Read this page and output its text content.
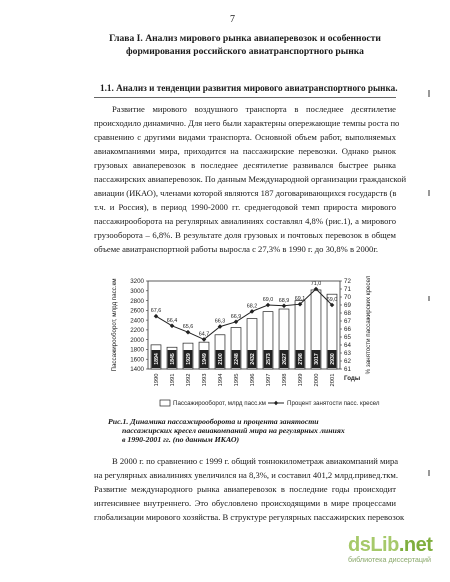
7
Глава I. Анализ мирового рынка авиаперевозок и особенности
формирования российского авиатранспортного рынка
1.1. Анализ и тенденции развития мирового авиатранспортного рынка.
Развитие мирового воздушного транспорта в последнее десятилетие
происходило динамично. Для него были характерны опережающие темпы роста по
сравнению с другими видами транспорта. Основной объем работ, выполняемых
авиакомпаниями мира, приходится на пассажирские перевозки. Однако рынок
грузовых авиаперевозок в последнее десятилетие развивался быстрее рынка
пассажирских авиаперевозок. По данным Международной организации гражданской
авиации (ИКАО), членами которой являются 187 договаривающихся государств (в
т.ч. и Россия), в период 1990-2000 гг. среднегодовой темп прироста мирового
пассажирооборота на регулярных авиалиниях составлял 4,8% (рис.1), а мирового
грузооборота – 6,8%. В результате доля грузовых и почтовых перевозок в общем
объеме авиатранспортной работы выросла с 27,3% в 1990 г. до 30,8% в 2000г.
1400
1600
1800
2000
2200
2400
2600
2800
3000
3200
61
62
63
64
65
66
67
68
69
70
71
72
Пассажирооборот, млрд пасс.км	% занятости пассажирских кресел
1894
1990
1845
1991
1929
1992
1949
1993
2100
1994
2248
1995
2432
1996
2573
1997
2627
1998
2798
1999
3017
2000
2930
2001
67,6
66,4
65,6
64,7
66,3
66,9
68,2
69,0 68,9 69,1
71,0
69,0
Годы
Пассажирооборот, млрд пасс.км	Процент занятости пасс. кресел
Рис.1. Динамика пассажирооборота и процента занятости
пассажирских кресел авиакомпаний мира на регулярных линиях
в 1990-2001 гг. (по данным ИКАО)
В 2000 г. по сравнению с 1999 г. общий тоннокилометраж авиакомпаний мира
на регулярных авиалиниях увеличился на 8,3%, и составил 401,2 млрд.привед.ткм.
Развитие международного рынка авиаперевозок в последние годы происходит
интенсивнее внутреннего. Это обусловлено происходящими в мире процессами
глобализации мирового хозяйства. В структуре регулярных пассажирских перевозок
dsLib.net
библиотека диссертаций
